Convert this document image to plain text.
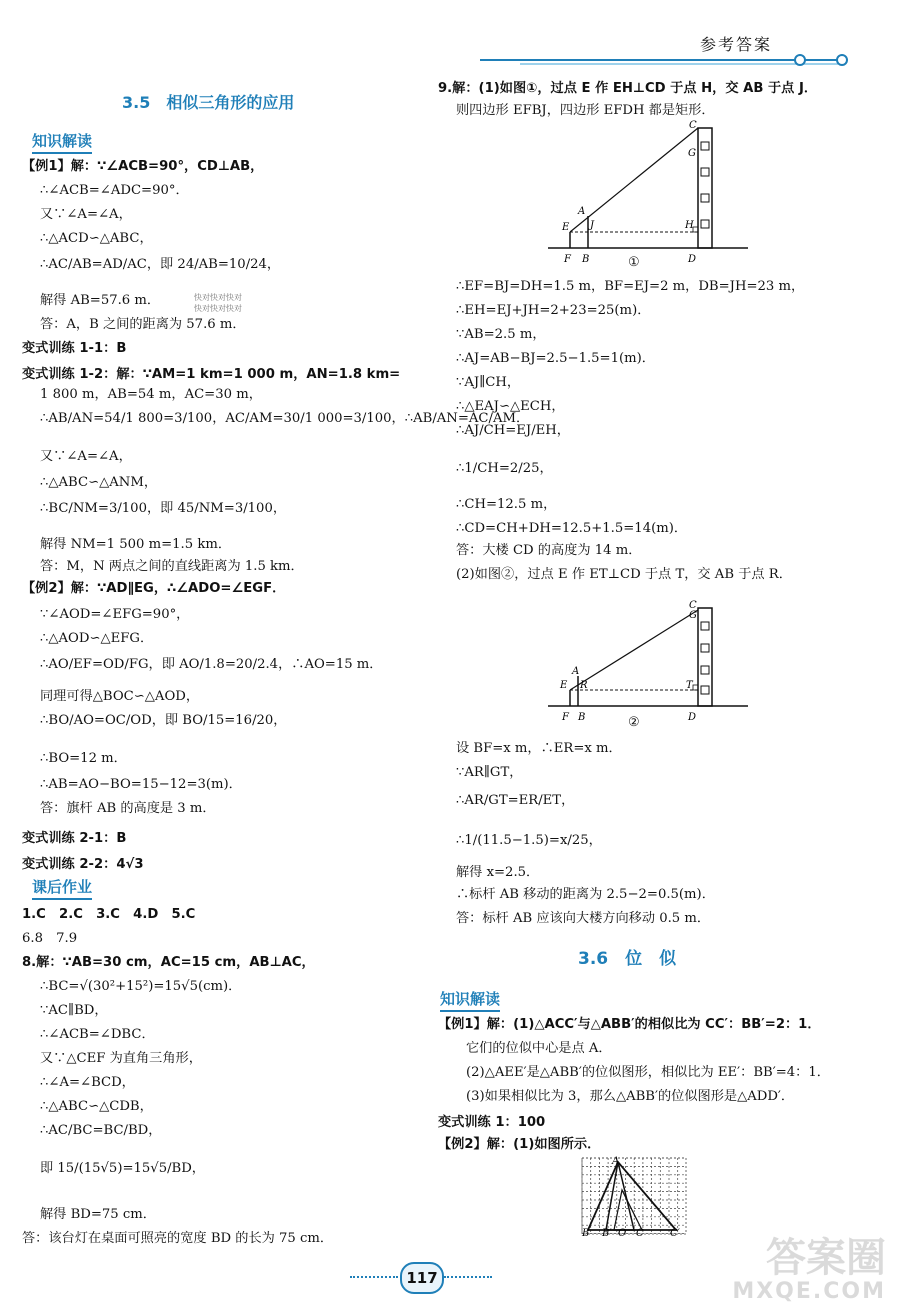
参考答案
3.5　相似三角形的应用
知识解读
【例1】解：∵∠ACB=90°，CD⊥AB，
∴∠ACB=∠ADC=90°．
又∵∠A=∠A，
∴△ACD∽△ABC，
∴AC/AB=AD/AC，即 24/AB=10/24，
解得 AB=57.6 m．
答：A，B 之间的距离为 57.6 m．
变式训练 1-1：B
变式训练 1-2：解：∵AM=1 km=1 000 m，AN=1.8 km=
1 800 m，AB=54 m，AC=30 m，
∴AB/AN=54/1 800=3/100，AC/AM=30/1 000=3/100，∴AB/AN=AC/AM．
又∵∠A=∠A，
∴△ABC∽△ANM，
∴BC/NM=3/100，即 45/NM=3/100，
解得 NM=1 500 m=1.5 km．
答：M，N 两点之间的直线距离为 1.5 km．
【例2】解：∵AD∥EG，∴∠ADO=∠EGF．
∵∠AOD=∠EFG=90°，
∴△AOD∽△EFG．
∴AO/EF=OD/FG，即 AO/1.8=20/2.4，∴AO=15 m．
同理可得△BOC∽△AOD，
∴BO/AO=OC/OD，即 BO/15=16/20，
∴BO=12 m．
∴AB=AO−BO=15−12=3(m)．
答：旗杆 AB 的高度是 3 m．
变式训练 2-1：B
变式训练 2-2：4√3
课后作业
1.C　2.C　3.C　4.D　5.C
6.8　7.9
8.解：∵AB=30 cm，AC=15 cm，AB⊥AC，
∴BC=√(30²+15²)=15√5(cm)．
∵AC∥BD，
∴∠ACB=∠DBC．
又∵△CEF 为直角三角形，
∴∠A=∠BCD，
∴△ABC∽△CDB，
∴AC/BC=BC/BD，
即 15/(15√5)=15√5/BD，
解得 BD=75 cm．
答：该台灯在桌面可照亮的宽度 BD 的长为 75 cm．
快对快对快对
快对快对快对
9.解：(1)如图①，过点 E 作 EH⊥CD 于点 H，交 AB 于点 J．
则四边形 EFBJ，四边形 EFDH 都是矩形．
C
G
A
E J	H
F B	D
①
∴EF=BJ=DH=1.5 m，BF=EJ=2 m，DB=JH=23 m，
∴EH=EJ+JH=2+23=25(m)．
∵AB=2.5 m，
∴AJ=AB−BJ=2.5−1.5=1(m)．
∵AJ∥CH，
∴△EAJ∽△ECH，
∴AJ/CH=EJ/EH，
∴1/CH=2/25，
∴CH=12.5 m，
∴CD=CH+DH=12.5+1.5=14(m)．
答：大楼 CD 的高度为 14 m．
(2)如图②，过点 E 作 ET⊥CD 于点 T，交 AB 于点 R．
C
G
A
E R	T
F B	D
②
设 BF=x m，∴ER=x m．
∵AR∥GT，
∴AR/GT=ER/ET，
∴1/(11.5−1.5)=x/25，
解得 x=2.5．
∴标杆 AB 移动的距离为 2.5−2=0.5(m)．
答：标杆 AB 应该向大楼方向移动 0.5 m．
3.6　位　似
知识解读
【例1】解：(1)△ACC′与△ABB′的相似比为 CC′：BB′=2：1．
它们的位似中心是点 A．
(2)△AEE′是△ABB′的位似图形，相似比为 EE′：BB′=4：1．
(3)如果相似比为 3，那么△ABB′的位似图形是△ADD′．
变式训练 1：100
【例2】解：(1)如图所示．
A
B B′ O C	C′
117	答案圈
MXQE.COM
